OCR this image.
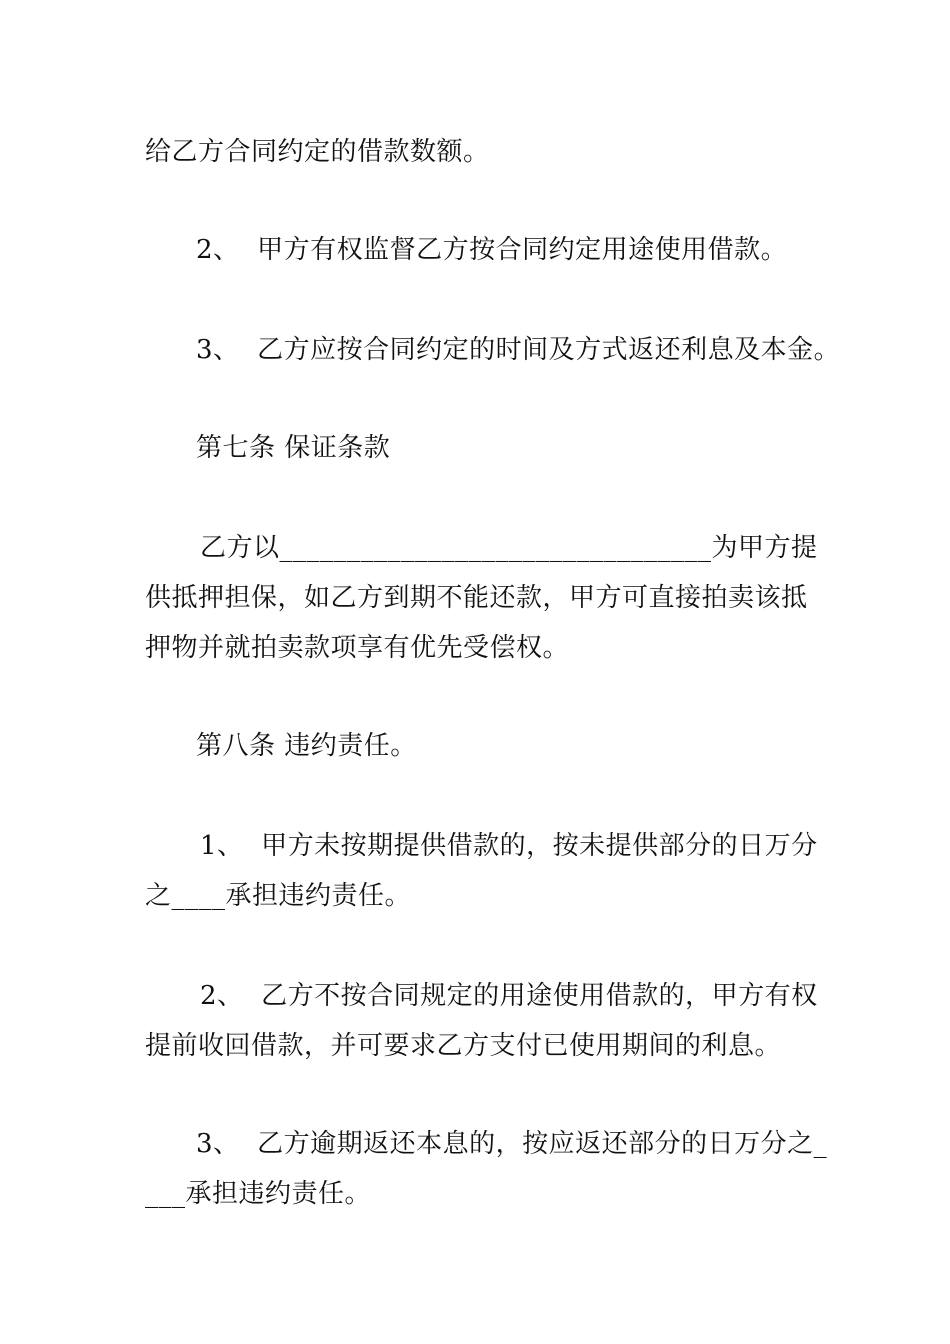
给乙方合同约定的借款数额。
2、  甲方有权监督乙方按合同约定用途使用借款。
3、  乙方应按合同约定的时间及方式返还利息及本金。
第七条 保证条款
乙方以________________________________为甲方提
供抵押担保，如乙方到期不能还款，甲方可直接拍卖该抵
押物并就拍卖款项享有优先受偿权。
第八条 违约责任。
1、  甲方未按期提供借款的，按未提供部分的日万分
之____承担违约责任。
2、  乙方不按合同规定的用途使用借款的，甲方有权
提前收回借款，并可要求乙方支付已使用期间的利息。
3、  乙方逾期返还本息的，按应返还部分的日万分之_
___承担违约责任。
